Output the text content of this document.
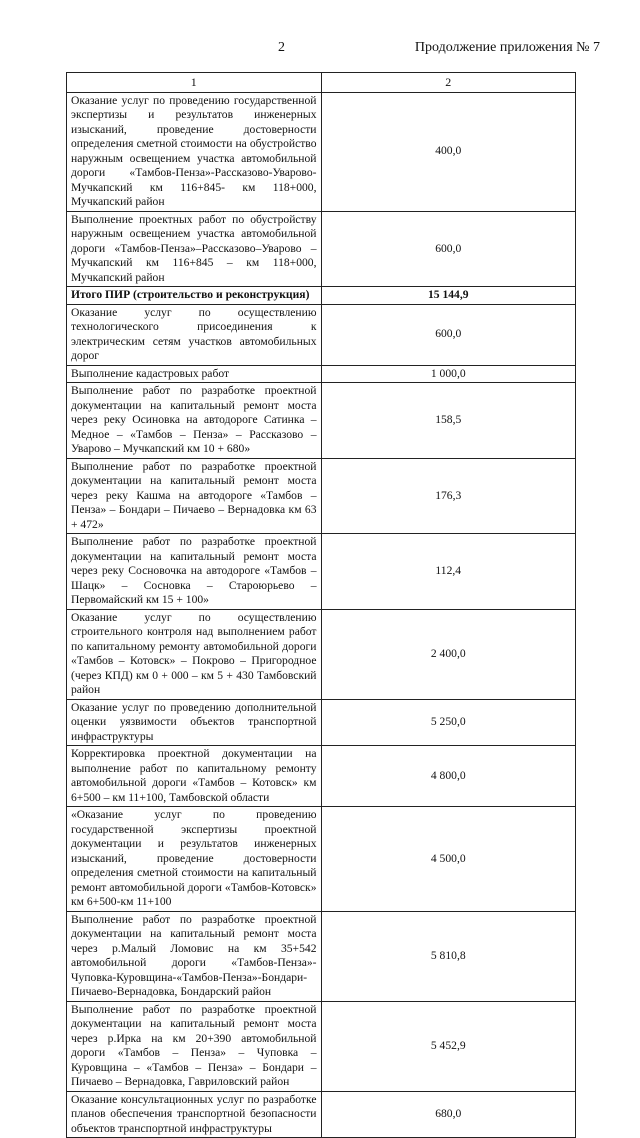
2	Продолжение приложения № 7
1	2
Оказание услуг по проведению государственной экспертизы и результатов инженерных изысканий, проведение достоверности определения сметной стоимости на обустройство наружным освещением участка автомобильной дороги «Тамбов-Пенза»-Рассказово-Уварово-Мучкапский км 116+845- км 118+000, Мучкапский район	400,0
Выполнение проектных работ по обустройству наружным освещением участка автомобильной дороги «Тамбов-Пенза»–Рассказово–Уварово – Мучкапский км 116+845 – км 118+000, Мучкапский район	600,0
Итого ПИР (строительство и реконструкция)	15 144,9
Оказание услуг по осуществлению технологического присоединения к электрическим сетям участков автомобильных дорог	600,0
Выполнение кадастровых работ	1 000,0
Выполнение работ по разработке проектной документации на капитальный ремонт моста через реку Осиновка на автодороге Сатинка – Медное – «Тамбов – Пенза» – Рассказово – Уварово – Мучкапский км 10 + 680»	158,5
Выполнение работ по разработке проектной документации на капитальный ремонт моста через реку Кашма на автодороге «Тамбов – Пенза» – Бондари – Пичаево – Вернадовка км 63 + 472»	176,3
Выполнение работ по разработке проектной документации на капитальный ремонт моста через реку Сосновочка на автодороге «Тамбов – Шацк» – Сосновка – Староюрьево – Первомайский км 15 + 100»	112,4
Оказание услуг по осуществлению строительного контроля над выполнением работ по капитальному ремонту автомобильной дороги «Тамбов – Котовск» – Покрово – Пригородное (через КПД) км 0 + 000 – км 5 + 430 Тамбовский район	2 400,0
Оказание услуг по проведению дополнительной оценки уязвимости объектов транспортной инфраструктуры	5 250,0
Корректировка проектной документации на выполнение работ по капитальному ремонту автомобильной дороги «Тамбов – Котовск» км 6+500 – км 11+100, Тамбовской области	4 800,0
«Оказание услуг по проведению государственной экспертизы проектной документации и результатов инженерных изысканий, проведение достоверности определения сметной стоимости на капитальный ремонт автомобильной дороги «Тамбов-Котовск» км 6+500-км 11+100	4 500,0
Выполнение работ по разработке проектной документации на капитальный ремонт моста через р.Малый Ломовис на км 35+542 автомобильной дороги «Тамбов-Пенза»-Чуповка-Куровщина-«Тамбов-Пенза»-Бондари-Пичаево-Вернадовка, Бондарский район	5 810,8
Выполнение работ по разработке проектной документации на капитальный ремонт моста через р.Ирка на км 20+390 автомобильной дороги «Тамбов – Пенза» – Чуповка – Куровщина – «Тамбов – Пенза» – Бондари – Пичаево – Вернадовка, Гавриловский район	5 452,9
Оказание консультационных услуг по разработке планов обеспечения транспортной безопасности объектов транспортной инфраструктуры	680,0
